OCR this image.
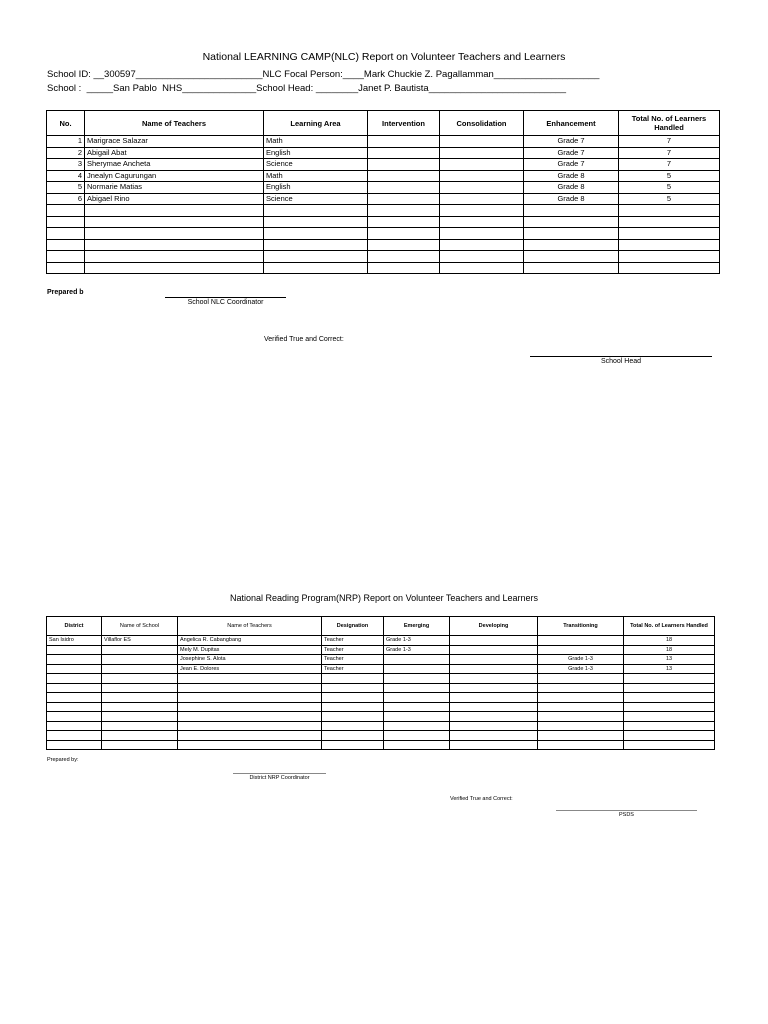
National LEARNING CAMP(NLC) Report on Volunteer Teachers and Learners
School ID: __300597________________________NLC Focal Person:____Mark Chuckie Z. Pagallamman____________________
School :  _____San Pablo  NHS______________School Head: ________Janet P. Bautista__________________________
No.	Name of Teachers	Learning Area	Intervention	Consolidation	Enhancement	Total No. of Learners Handled
1	Marigrace Salazar	Math			Grade 7	7
2	Abigail Abat	English			Grade 7	7
3	Sherymae Ancheta	Science			Grade 7	7
4	Jnealyn Cagurungan	Math			Grade 8	5
5	Normarie Matias	English			Grade 8	5
6	Abigael Rino	Science			Grade 8	5

Prepared b
School NLC Coordinator
Verified True and Correct:
School Head
National Reading Program(NRP) Report on Volunteer Teachers and Learners
District	Name of School	Name of Teachers	Designation	Emerging	Developing	Transitioning	Total No. of Learners Handled
San Isidro	Villaflor ES	Angelica R. Cabangbang	Teacher	Grade 1-3			18
		Mely M. Dupitas	Teacher	Grade 1-3			18
		Josephine S. Alota	Teacher			Grade 1-3	13
		Jean E. Dolores	Teacher			Grade 1-3	13

Prepared by:
District NRP Coordinator
Verified True and Correct:
PSDS
